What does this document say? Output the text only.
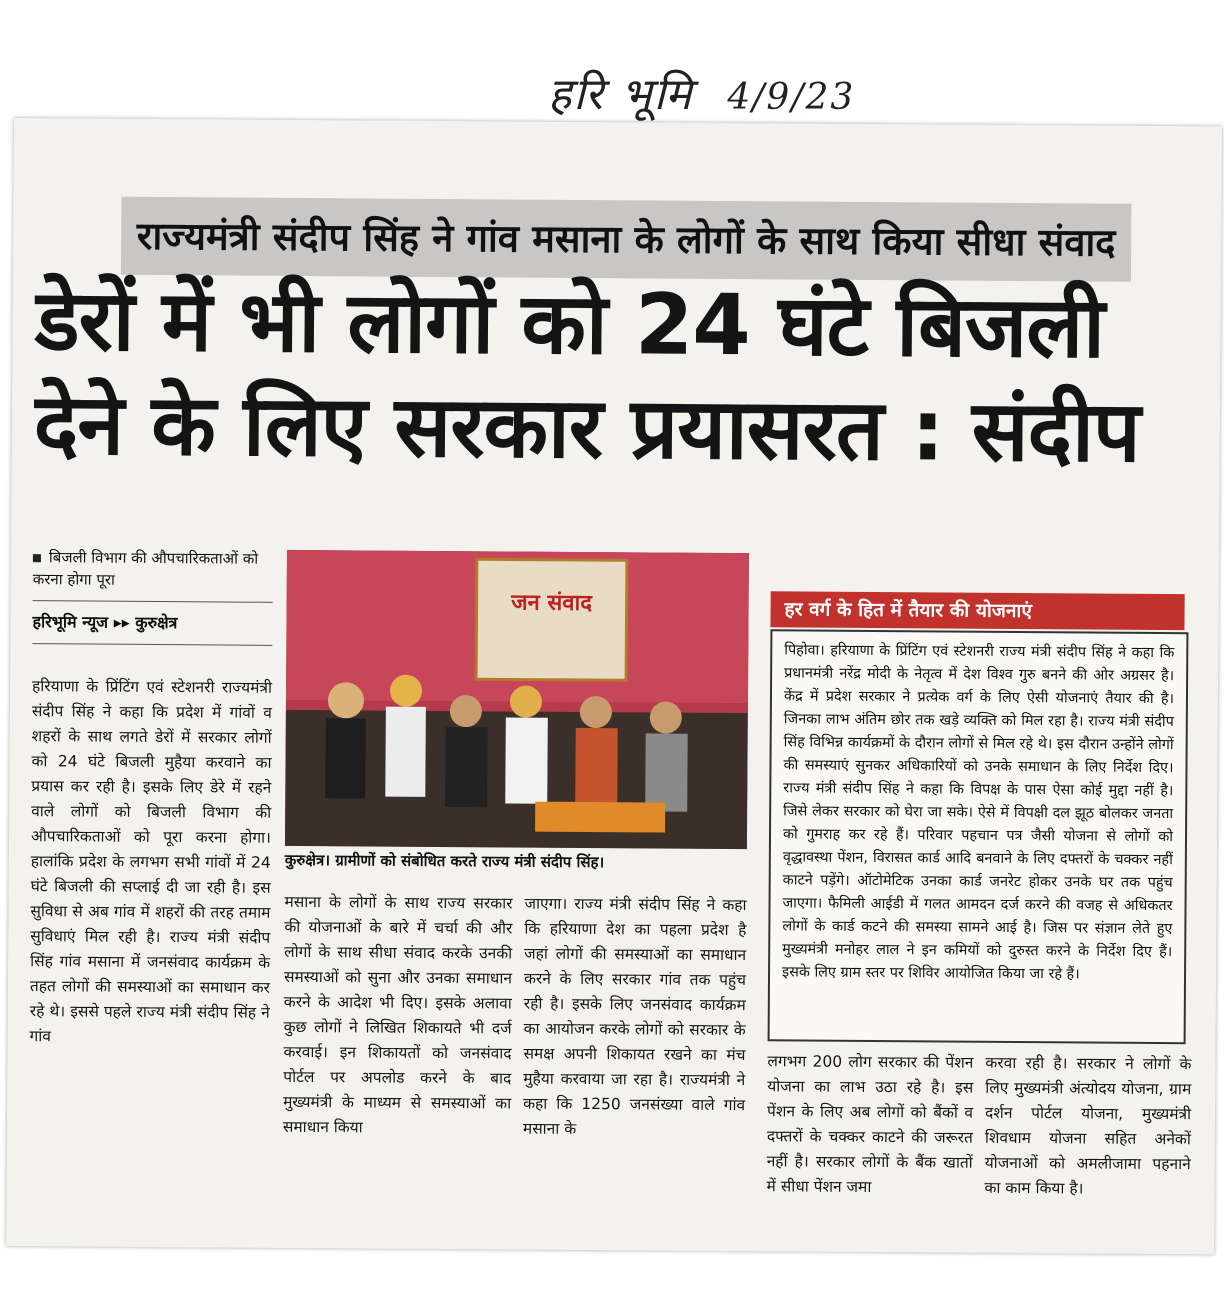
हरि भूमि 4/9/23
राज्यमंत्री संदीप सिंह ने गांव मसाना के लोगों के साथ किया सीधा संवाद
डेरों में भी लोगों को 24 घंटे बिजली
देने के लिए सरकार प्रयासरत : संदीप
बिजली विभाग की औपचारिकताओं को करना होगा पूरा
हरिभूमि न्यूज ▸▸ कुरुक्षेत्र
हरियाणा के प्रिंटिंग एवं स्टेशनरी राज्यमंत्री संदीप सिंह ने कहा कि प्रदेश में गांवों व शहरों के साथ लगते डेरों में सरकार लोगों को 24 घंटे बिजली मुहैया करवाने का प्रयास कर रही है। इसके लिए डेरे में रहने वाले लोगों को बिजली विभाग की औपचारिकताओं को पूरा करना होगा। हालांकि प्रदेश के लगभग सभी गांवों में 24 घंटे बिजली की सप्लाई दी जा रही है। इस सुविधा से अब गांव में शहरों की तरह तमाम सुविधाएं मिल रही है। राज्य मंत्री संदीप सिंह गांव मसाना में जनसंवाद कार्यक्रम के तहत लोगों की समस्याओं का समाधान कर रहे थे। इससे पहले राज्य मंत्री संदीप सिंह ने गांव
जन संवाद
कुरुक्षेत्र। ग्रामीणों को संबोधित करते राज्य मंत्री संदीप सिंह।
मसाना के लोगों के साथ राज्य सरकार की योजनाओं के बारे में चर्चा की और लोगों के साथ सीधा संवाद करके उनकी समस्याओं को सुना और उनका समाधान करने के आदेश भी दिए। इसके अलावा कुछ लोगों ने लिखित शिकायते भी दर्ज करवाई। इन शिकायतों को जनसंवाद पोर्टल पर अपलोड करने के बाद मुख्यमंत्री के माध्यम से समस्याओं का समाधान किया
जाएगा। राज्य मंत्री संदीप सिंह ने कहा कि हरियाणा देश का पहला प्रदेश है जहां लोगों की समस्याओं का समाधान करने के लिए सरकार गांव तक पहुंच रही है। इसके लिए जनसंवाद कार्यक्रम का आयोजन करके लोगों को सरकार के समक्ष अपनी शिकायत रखने का मंच मुहैया करवाया जा रहा है। राज्यमंत्री ने कहा कि 1250 जनसंख्या वाले गांव मसाना के
हर वर्ग के हित में तैयार की योजनाएं
पिहोवा। हरियाणा के प्रिंटिंग एवं स्टेशनरी राज्य मंत्री संदीप सिंह ने कहा कि प्रधानमंत्री नरेंद्र मोदी के नेतृत्व में देश विश्व गुरु बनने की ओर अग्रसर है। केंद्र में प्रदेश सरकार ने प्रत्येक वर्ग के लिए ऐसी योजनाएं तैयार की है। जिनका लाभ अंतिम छोर तक खड़े व्यक्ति को मिल रहा है। राज्य मंत्री संदीप सिंह विभिन्न कार्यक्रमों के दौरान लोगों से मिल रहे थे। इस दौरान उन्होंने लोगों की समस्याएं सुनकर अधिकारियों को उनके समाधान के लिए निर्देश दिए। राज्य मंत्री संदीप सिंह ने कहा कि विपक्ष के पास ऐसा कोई मुद्दा नहीं है। जिसे लेकर सरकार को घेरा जा सके। ऐसे में विपक्षी दल झूठ बोलकर जनता को गुमराह कर रहे हैं। परिवार पहचान पत्र जैसी योजना से लोगों को वृद्धावस्था पेंशन, विरासत कार्ड आदि बनवाने के लिए दफ्तरों के चक्कर नहीं काटने पड़ेंगे। ऑटोमेटिक उनका कार्ड जनरेट होकर उनके घर तक पहुंच जाएगा। फैमिली आईडी में गलत आमदन दर्ज करने की वजह से अधिकतर लोगों के कार्ड कटने की समस्या सामने आई है। जिस पर संज्ञान लेते हुए मुख्यमंत्री मनोहर लाल ने इन कमियों को दुरुस्त करने के निर्देश दिए हैं। इसके लिए ग्राम स्तर पर शिविर आयोजित किया जा रहे हैं।
लगभग 200 लोग सरकार की पेंशन योजना का लाभ उठा रहे है। इस पेंशन के लिए अब लोगों को बैंकों व दफ्तरों के चक्कर काटने की जरूरत नहीं है। सरकार लोगों के बैंक खातों में सीधा पेंशन जमा
करवा रही है। सरकार ने लोगों के लिए मुख्यमंत्री अंत्योदय योजना, ग्राम दर्शन पोर्टल योजना, मुख्यमंत्री शिवधाम योजना सहित अनेकों योजनाओं को अमलीजामा पहनाने का काम किया है।
